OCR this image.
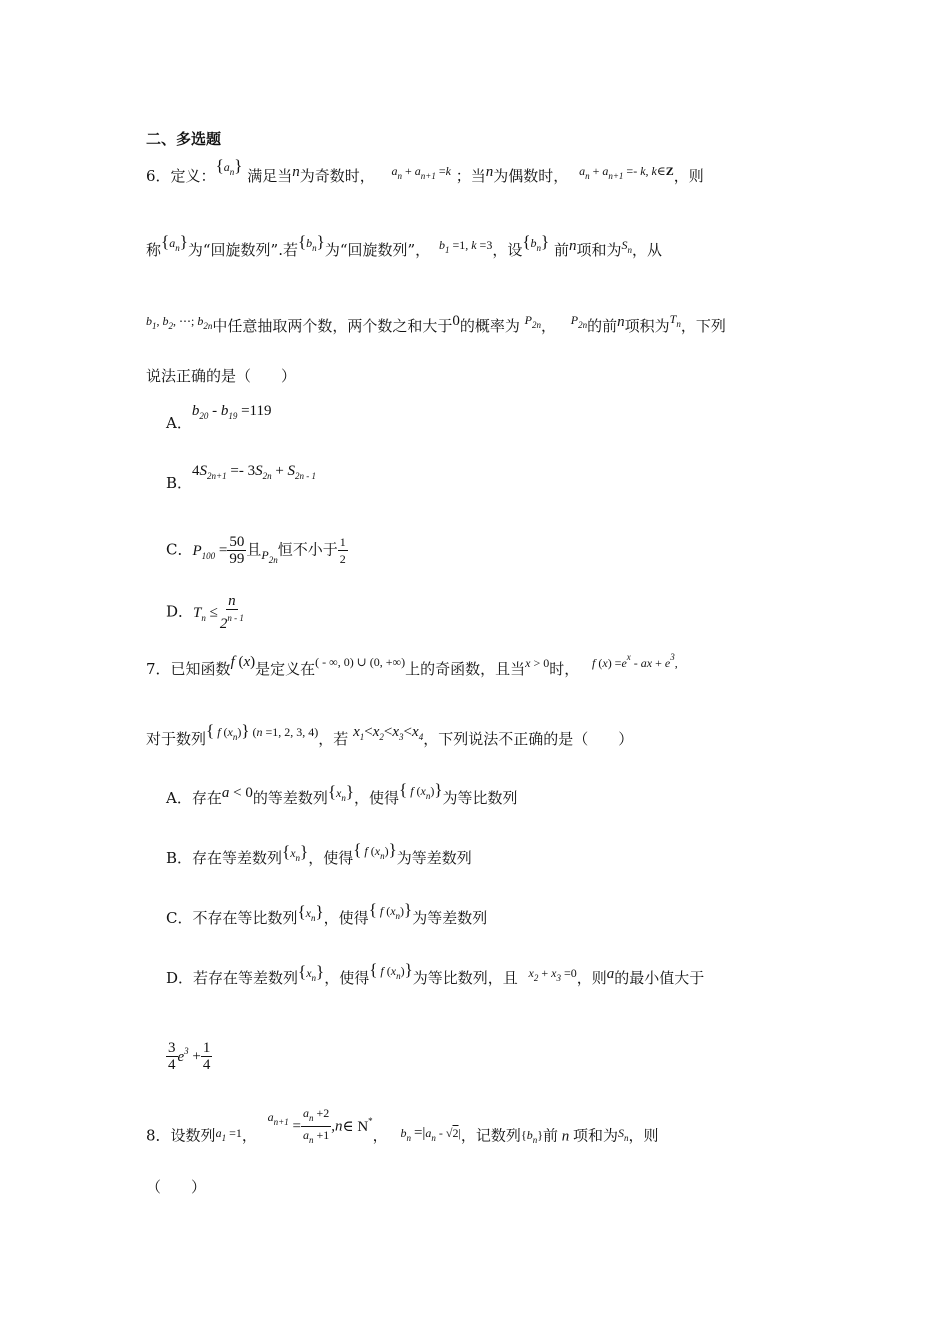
二、多选题
6．定义：$^{\{a_n\}}$ 满足当n为奇数时， $^{a_n + a_{n+1} =k}$ ；当n为偶数时， $^{a_n + a_{n+1} =- k, k\in Z}$，则
称$^{\{a_n\}}$为“回旋数列”.若$^{\{b_n\}}$为“回旋数列”， $^{b_1 =1, k =3}$，设$^{\{b_n\}}$ 前n项和为$^{S_n}$，从
$^{b_1, b_2, \cdots; b_{2n}}$中任意抽取两个数，两个数之和大于0的概率为 $^{P_{2n}}$， $^{P_{2n}}$的前n项积为$^{T_n}$，下列
说法正确的是（　　）
A．$b_{20} - b_{19} =119$
B．$4S_{2n+1} =- 3S_{2n} + S_{2n - 1}$
C．$P_{100} = \frac{50}{99}$ 且$_{P_{2n}}$恒不小于 $\frac{1}{2}$
D．$T_n \le \frac{n}{2^{n - 1}}$
7．已知函数f (x)是定义在$^{( - \infty, 0) \cup (0, +\infty)}$上的奇函数，且当$^{x > 0}$时， $^{f (x) =e^x - ax + e^3,}$
对于数列$^{\{ f (x_n)\} (n =1, 2, 3, 4)}$，若 $x_1<x_2<x_3<x_4$，下列说法不正确的是（　　）
A．存在a < 0的等差数列$^{\{x_n\}}$，使得$^{\{ f (x_n)\}}$为等比数列
B．存在等差数列$^{\{x_n\}}$，使得$^{\{ f (x_n)\}}$为等差数列
C．不存在等比数列$^{\{x_n\}}$，使得$^{\{ f (x_n)\}}$为等差数列
D．若存在等差数列$^{\{x_n\}}$，使得$^{\{ f (x_n)\}}$为等比数列，且 $^{x_2 + x_3 =0}$，则a的最小值大于
$\frac{3}{4} e^3 + \frac{1}{4}$
8．设数列$^{a_1 =1}$， $^{a_{n+1}} = \frac{a_n +2}{a_n +1}$ ,n∈ N*， $^{b_n =|a_n - √2|}$，记数列$\{b_n\}$前 n 项和为$^{S_n}$，则
（　　）
